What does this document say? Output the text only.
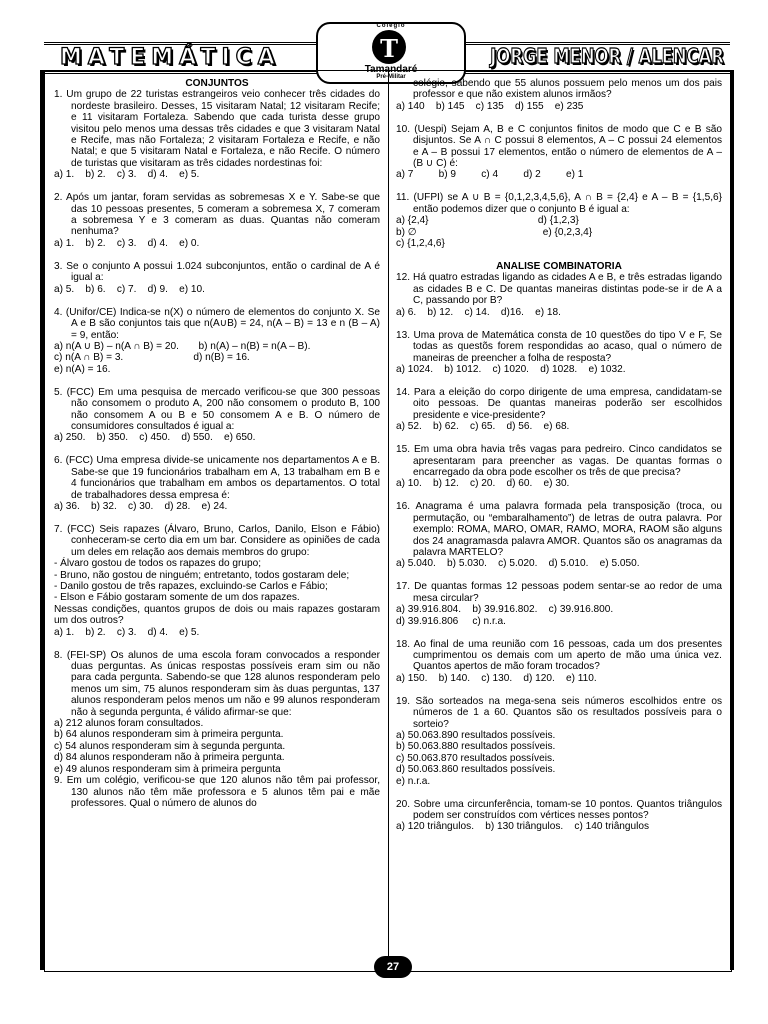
MATEMÁTICA	JORGE MENOR / ALENCAR
Colégio
T
Tamandaré
Pré-Militar
CONJUNTOS

1. Um grupo de 22 turistas estrangeiros veio conhecer três cidades do nordeste brasileiro. Desses, 15 visitaram Natal; 12 visitaram Recife; e 11 visitaram Fortaleza. Sabendo que cada turista desse grupo visitou pelo menos uma dessas três cidades e que 3 visitaram Natal e Recife, mas não Fortaleza; 2 visitaram Fortaleza e Recife, e não Natal; e que 5 visitaram Natal e Fortaleza, e não Recife. O número de turistas que visitaram as três cidades nordestinas foi:

a) 1.    b) 2.    c) 3.    d) 4.    e) 5.

2. Após um jantar, foram servidas as sobremesas X e Y. Sabe-se que das 10 pessoas presentes, 5 comeram a sobremesa X, 7 comeram a sobremesa Y e 3 comeram as duas. Quantas não comeram nenhuma?

a) 1.    b) 2.    c) 3.    d) 4.    e) 0.

3. Se o conjunto A possui 1.024 subconjuntos, então o cardinal de A é igual a:

a) 5.    b) 6.    c) 7.    d) 9.    e) 10.

4. (Unifor/CE) Indica-se n(X) o número de elementos do conjunto X. Se A e B são conjuntos tais que n(A∪B) = 24, n(A – B) = 13 e n (B – A) = 9, então:

a) n(A ∪ B) – n(A ∩ B) = 20.       b) n(A) – n(B) = n(A – B).

c) n(A ∩ B) = 3.                         d) n(B) = 16.

e) n(A) = 16.

5. (FCC) Em uma pesquisa de mercado verificou-se que 300 pessoas não consomem o produto A, 200 não consomem o produto B, 100 não consomem A ou B e 50 consomem A e B. O número de consumidores consultados é igual a:

a) 250.    b) 350.    c) 450.    d) 550.    e) 650.

6. (FCC) Uma empresa divide-se unicamente nos departamentos A e B. Sabe-se que 19 funcionários trabalham em A, 13 trabalham em B e 4 funcionários que trabalham em ambos os departamentos. O total de trabalhadores dessa empresa é:

a) 36.    b) 32.    c) 30.    d) 28.    e) 24.

7. (FCC) Seis rapazes (Álvaro, Bruno, Carlos, Danilo, Elson e Fábio) conheceram-se certo dia em um bar. Considere as opiniões de cada um deles em relação aos demais membros do grupo:

- Álvaro gostou de todos os rapazes do grupo;

- Bruno, não gostou de ninguém; entretanto, todos gostaram dele;

- Danilo gostou de três rapazes, excluindo-se Carlos e Fábio;

- Elson e Fábio gostaram somente de um dos rapazes.

Nessas condições, quantos grupos de dois ou mais rapazes gostaram um dos outros?

a) 1.    b) 2.    c) 3.    d) 4.    e) 5.

8. (FEI-SP) Os alunos de uma escola foram convocados a responder duas perguntas. As únicas respostas possíveis eram sim ou não para cada pergunta. Sabendo-se que 128 alunos responderam pelo menos um sim, 75 alunos responderam sim às duas perguntas, 137 alunos responderam pelos menos um não e 99 alunos responderam não à segunda pergunta, é válido afirmar-se que:

a) 212 alunos foram consultados.

b) 64 alunos responderam sim à primeira pergunta.

c) 54 alunos responderam sim à segunda pergunta.

d) 84 alunos responderam não à primeira pergunta.

e) 49 alunos responderam sim à primeira pergunta

9. Em um colégio, verificou-se que 120 alunos não têm pai professor, 130 alunos não têm mãe professora e 5 alunos têm pai e mãe professores. Qual o número de alunos do

colégio, sabendo que 55 alunos possuem pelo menos um dos pais professor e que não existem alunos irmãos?

a) 140    b) 145    c) 135    d) 155    e) 235

10. (Uespi) Sejam A, B e C conjuntos finitos de modo que C e B são disjuntos. Se A ∩ C possui 8 elementos, A – C possui 24 elementos e A – B possui 17 elementos, então o número de elementos de A – (B ∪ C) é:

a) 7         b) 9         c) 4         d) 2         e) 1

11. (UFPI) se A ∪ B = {0,1,2,3,4,5,6}, A ∩ B = {2,4} e A – B = {1,5,6} então podemos dizer que o conjunto B é igual a:

a) {2,4}                                       d) {1,2,3}

b) ∅                                             e) {0,2,3,4}

c) {1,2,4,6}

ANALISE COMBINATORIA

12. Há quatro estradas ligando as cidades A e B, e três estradas ligando as cidades B e C. De quantas maneiras distintas pode-se ir de A a C, passando por B?

a) 6.    b) 12.    c) 14.    d)16.    e) 18.

13. Uma prova de Matemática consta de 10 questões do tipo V e F, Se todas as questõs forem respondidas ao acaso, qual o número de maneiras de preencher a folha de resposta?

a) 1024.    b) 1012.    c) 1020.    d) 1028.    e) 1032.

14. Para a eleição do corpo dirigente de uma empresa, candidatam-se oito pessoas. De quantas maneiras poderão ser escolhidos presidente e vice-presidente?

a) 52.    b) 62.    c) 65.    d) 56.    e) 68.

15. Em uma obra havia três vagas para pedreiro. Cinco candidatos se apresentaram para preencher as vagas. De quantas formas o encarregado da obra pode escolher os três de que precisa?

a) 10.    b) 12.    c) 20.    d) 60.    e) 30.

16. Anagrama é uma palavra formada pela transposição (troca, ou permutação, ou “embaralhamento”) de letras de outra palavra. Por exemplo: ROMA, MARO, OMAR, RAMO, MORA, RAOM são alguns dos 24 anagramasda palavra AMOR. Quantos são os anagramas da palavra MARTELO?

a) 5.040.    b) 5.030.    c) 5.020.    d) 5.010.    e) 5.050.

17. De quantas formas 12 pessoas podem sentar-se ao redor de uma mesa circular?

a) 39.916.804.    b) 39.916.802.    c) 39.916.800.

d) 39.916.806     c) n.r.a.

18. Ao final de uma reunião com 16 pessoas, cada um dos presentes cumprimentou os demais com um aperto de mão uma única vez. Quantos apertos de mão foram trocados?

a) 150.    b) 140.    c) 130.    d) 120.    e) 110.

19. São sorteados na mega-sena seis números escolhidos entre os números de 1 a 60. Quantos são os resultados possíveis para o sorteio?

a) 50.063.890 resultados possíveis.

b) 50.063.880 resultados possíveis.

c) 50.063.870 resultados possíveis.

d) 50.063.860 resultados possíveis.

e) n.r.a.

20. Sobre uma circunferência, tomam-se 10 pontos. Quantos triângulos podem ser construídos com vértices nesses pontos?

a) 120 triângulos.    b) 130 triângulos.    c) 140 triângulos

27
